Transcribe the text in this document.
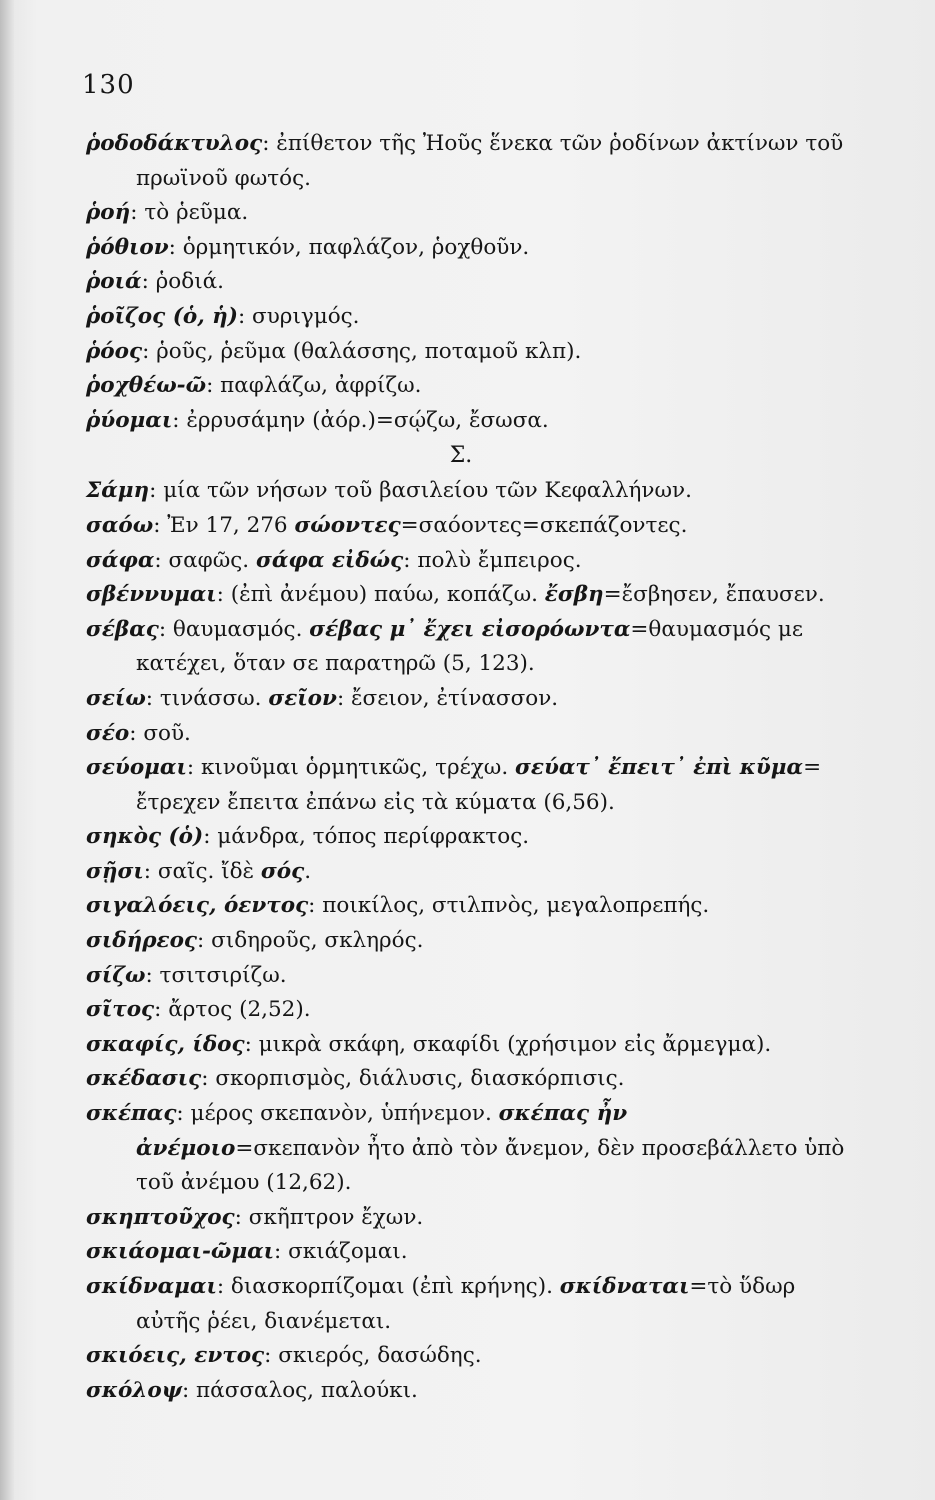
130

ῥοδοδάκτυλος: ἐπίθετον τῆς Ἠοῦς ἕνεκα τῶν ῥοδίνων ἀκτίνων τοῦ πρωϊνοῦ φωτός.

ῥοή: τὸ ῥεῦμα.

ῥόθιον: ὁρμητικόν, παφλάζον, ῥοχθοῦν.

ῥοιά: ῥοδιά.

ῥοῖζος (ὁ, ἡ): συριγμός.

ῥόος: ῥοῦς, ῥεῦμα (θαλάσσης, ποταμοῦ κλπ).

ῥοχθέω-ῶ: παφλάζω, ἀφρίζω.

ῥύομαι: ἐρρυσάμην (ἀόρ.)=σῴζω, ἔσωσα.

Σ.

Σάμη: μία τῶν νήσων τοῦ βασιλείου τῶν Κεφαλλήνων.

σαόω: Ἐν 17, 276 σώοντες=σαόοντες=σκεπάζοντες.

σάφα: σαφῶς. σάφα εἰδώς: πολὺ ἔμπειρος.

σβέννυμαι: (ἐπὶ ἀνέμου) παύω, κοπάζω. ἔσβη=ἔσβησεν, ἔπαυσεν.

σέβας: θαυμασμός. σέβας μ᾿ ἔχει εἰσορόωντα=θαυμασμός με κατέχει, ὅταν σε παρατηρῶ (5, 123).

σείω: τινάσσω. σεῖον: ἔσειον, ἐτίνασσον.

σέο: σοῦ.

σεύομαι: κινοῦμαι ὁρμητικῶς, τρέχω. σεύατ᾿ ἔπειτ᾿ ἐπὶ κῦμα= ἔτρεχεν ἔπειτα ἐπάνω εἰς τὰ κύματα (6,56).

σηκὸς (ὁ): μάνδρα, τόπος περίφρακτος.

σῇσι: σαῖς. ἴδὲ σός.

σιγαλόεις, όεντος: ποικίλος, στιλπνὸς, μεγαλοπρεπής.

σιδήρεος: σιδηροῦς, σκληρός.

σίζω: τσιτσιρίζω.

σῖτος: ἄρτος (2,52).

σκαφίς, ίδος: μικρὰ σκάφη, σκαφίδι (χρήσιμον εἰς ἄρμεγμα).

σκέδασις: σκορπισμὸς, διάλυσις, διασκόρπισις.

σκέπας: μέρος σκεπανὸν, ὑπήνεμον. σκέπας ἦν ἀνέμοιο=σκεπανὸν ἦτο ἀπὸ τὸν ἄνεμον, δὲν προσεβάλλετο ὑπὸ τοῦ ἀνέμου (12,62).

σκηπτοῦχος: σκῆπτρον ἔχων.

σκιάομαι-ῶμαι: σκιάζομαι.

σκίδναμαι: διασκορπίζομαι (ἐπὶ κρήνης). σκίδναται=τὸ ὕδωρ αὐτῆς ῥέει, διανέμεται.

σκιόεις, εντος: σκιερός, δασώδης.

σκόλοψ: πάσσαλος, παλούκι.
